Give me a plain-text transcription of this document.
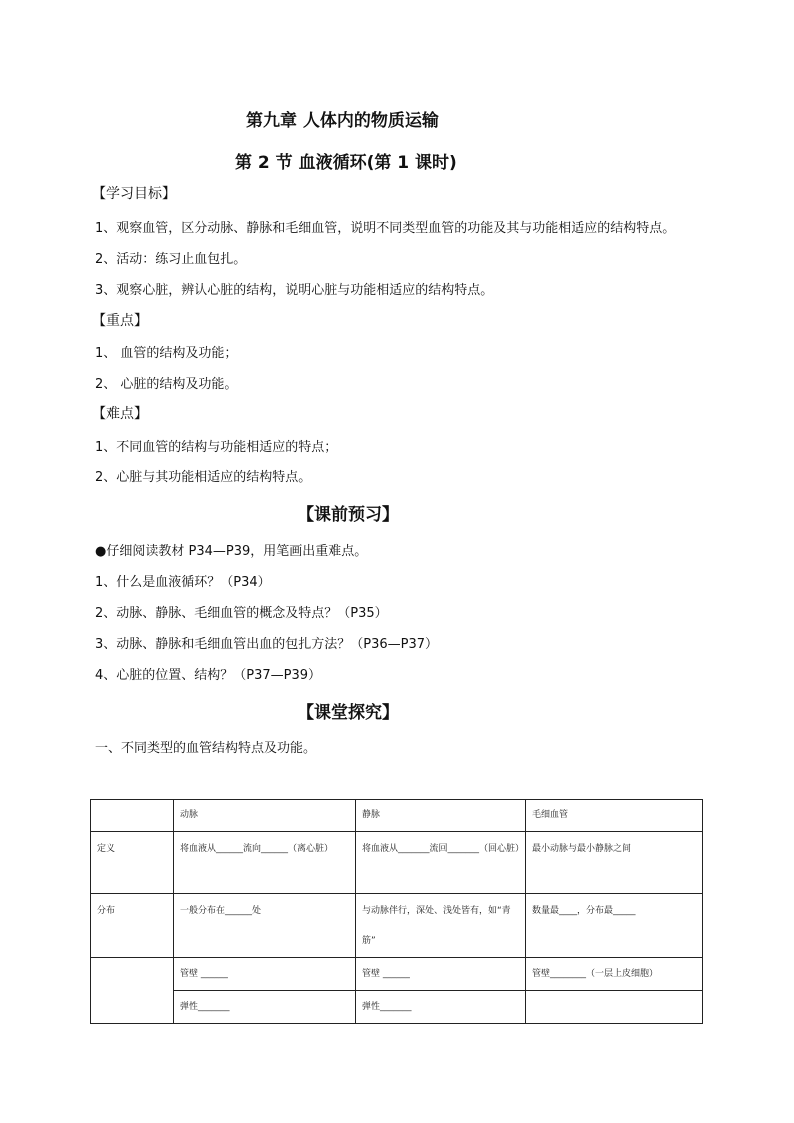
第九章 人体内的物质运输
第 2 节 血液循环(第 1 课时)
【学习目标】
1、观察血管，区分动脉、静脉和毛细血管，说明不同类型血管的功能及其与功能相适应的结构特点。
2、活动：练习止血包扎。
3、观察心脏，辨认心脏的结构，说明心脏与功能相适应的结构特点。
【重点】
1、 血管的结构及功能；
2、 心脏的结构及功能。
【难点】
1、不同血管的结构与功能相适应的特点；
2、心脏与其功能相适应的结构特点。
【课前预习】
●仔细阅读教材 P34—P39，用笔画出重难点。
1、什么是血液循环？（P34）
2、动脉、静脉、毛细血管的概念及特点？（P35）
3、动脉、静脉和毛细血管出血的包扎方法？（P36—P37）
4、心脏的位置、结构？（P37—P39）
【课堂探究】
一、不同类型的血管结构特点及功能。
	动脉	静脉	毛细血管
定义	将血液从______流向______（离心脏）	将血液从_______流回_______（回心脏）	最小动脉与最小静脉之间
分布	一般分布在______处	与动脉伴行，深处、浅处皆有，如“青筋”	数量最____，分布最_____
	管壁 ______	管壁 ______	管壁________（一层上皮细胞）
	弹性_______	弹性_______	
